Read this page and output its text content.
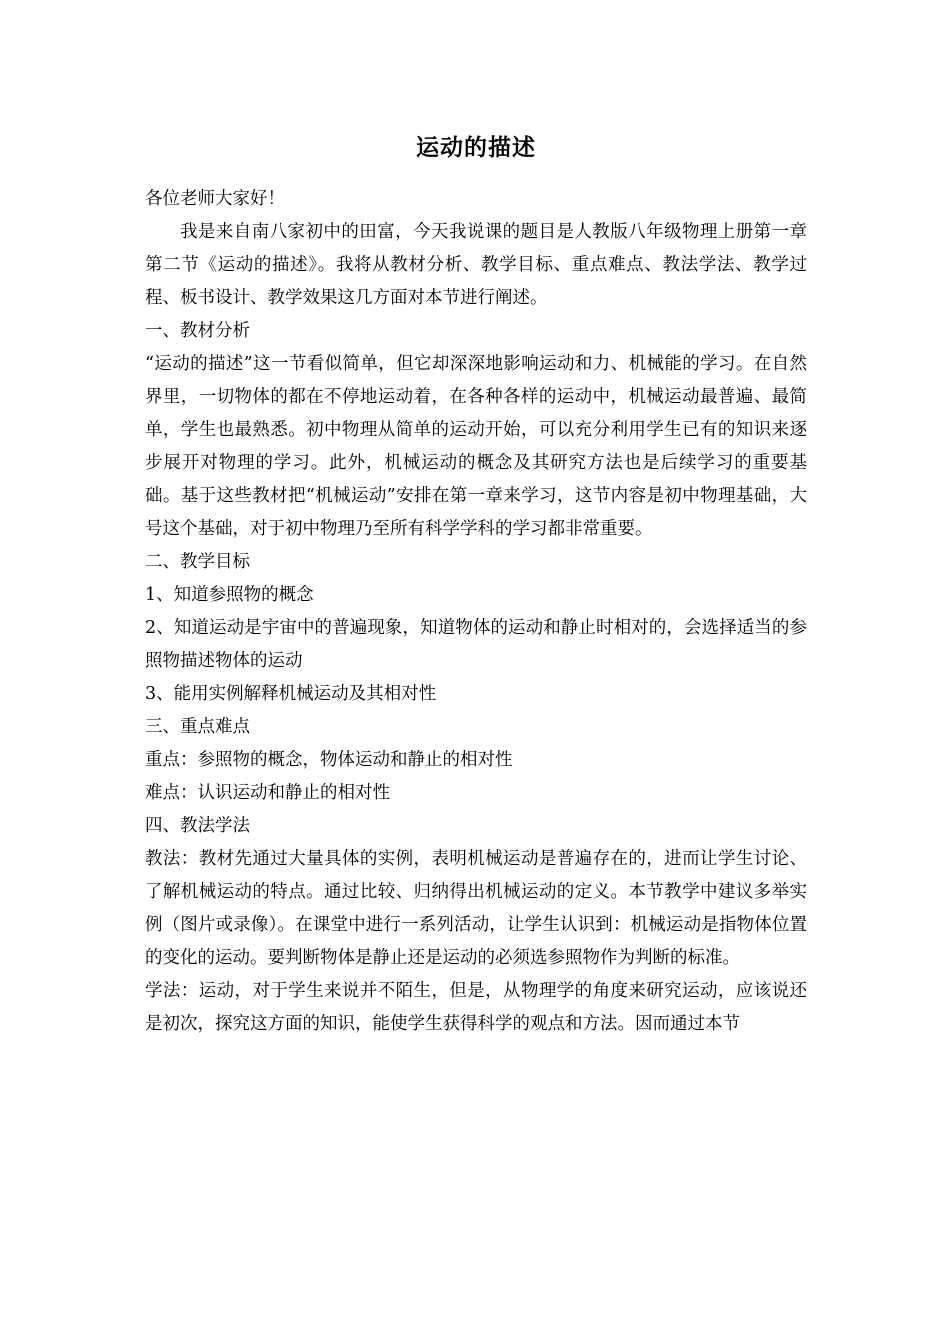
运动的描述

各位老师大家好！

我是来自南八家初中的田富，今天我说课的题目是人教版八年级物理上册第一章第二节《运动的描述》。我将从教材分析、教学目标、重点难点、教法学法、教学过程、板书设计、教学效果这几方面对本节进行阐述。

一、教材分析

“运动的描述”这一节看似简单，但它却深深地影响运动和力、机械能的学习。在自然界里，一切物体的都在不停地运动着，在各种各样的运动中，机械运动最普遍、最简单，学生也最熟悉。初中物理从简单的运动开始，可以充分利用学生已有的知识来逐步展开对物理的学习。此外，机械运动的概念及其研究方法也是后续学习的重要基础。基于这些教材把“机械运动”安排在第一章来学习，这节内容是初中物理基础，大号这个基础，对于初中物理乃至所有科学学科的学习都非常重要。

二、教学目标

1、知道参照物的概念

2、知道运动是宇宙中的普遍现象，知道物体的运动和静止时相对的，会选择适当的参照物描述物体的运动

3、能用实例解释机械运动及其相对性

三、重点难点

重点：参照物的概念，物体运动和静止的相对性

难点：认识运动和静止的相对性

四、教法学法

教法：教材先通过大量具体的实例，表明机械运动是普遍存在的，进而让学生讨论、了解机械运动的特点。通过比较、归纳得出机械运动的定义。本节教学中建议多举实例（图片或录像）。在课堂中进行一系列活动，让学生认识到：机械运动是指物体位置的变化的运动。要判断物体是静止还是运动的必须选参照物作为判断的标准。

学法：运动，对于学生来说并不陌生，但是，从物理学的角度来研究运动，应该说还是初次，探究这方面的知识，能使学生获得科学的观点和方法。因而通过本节
